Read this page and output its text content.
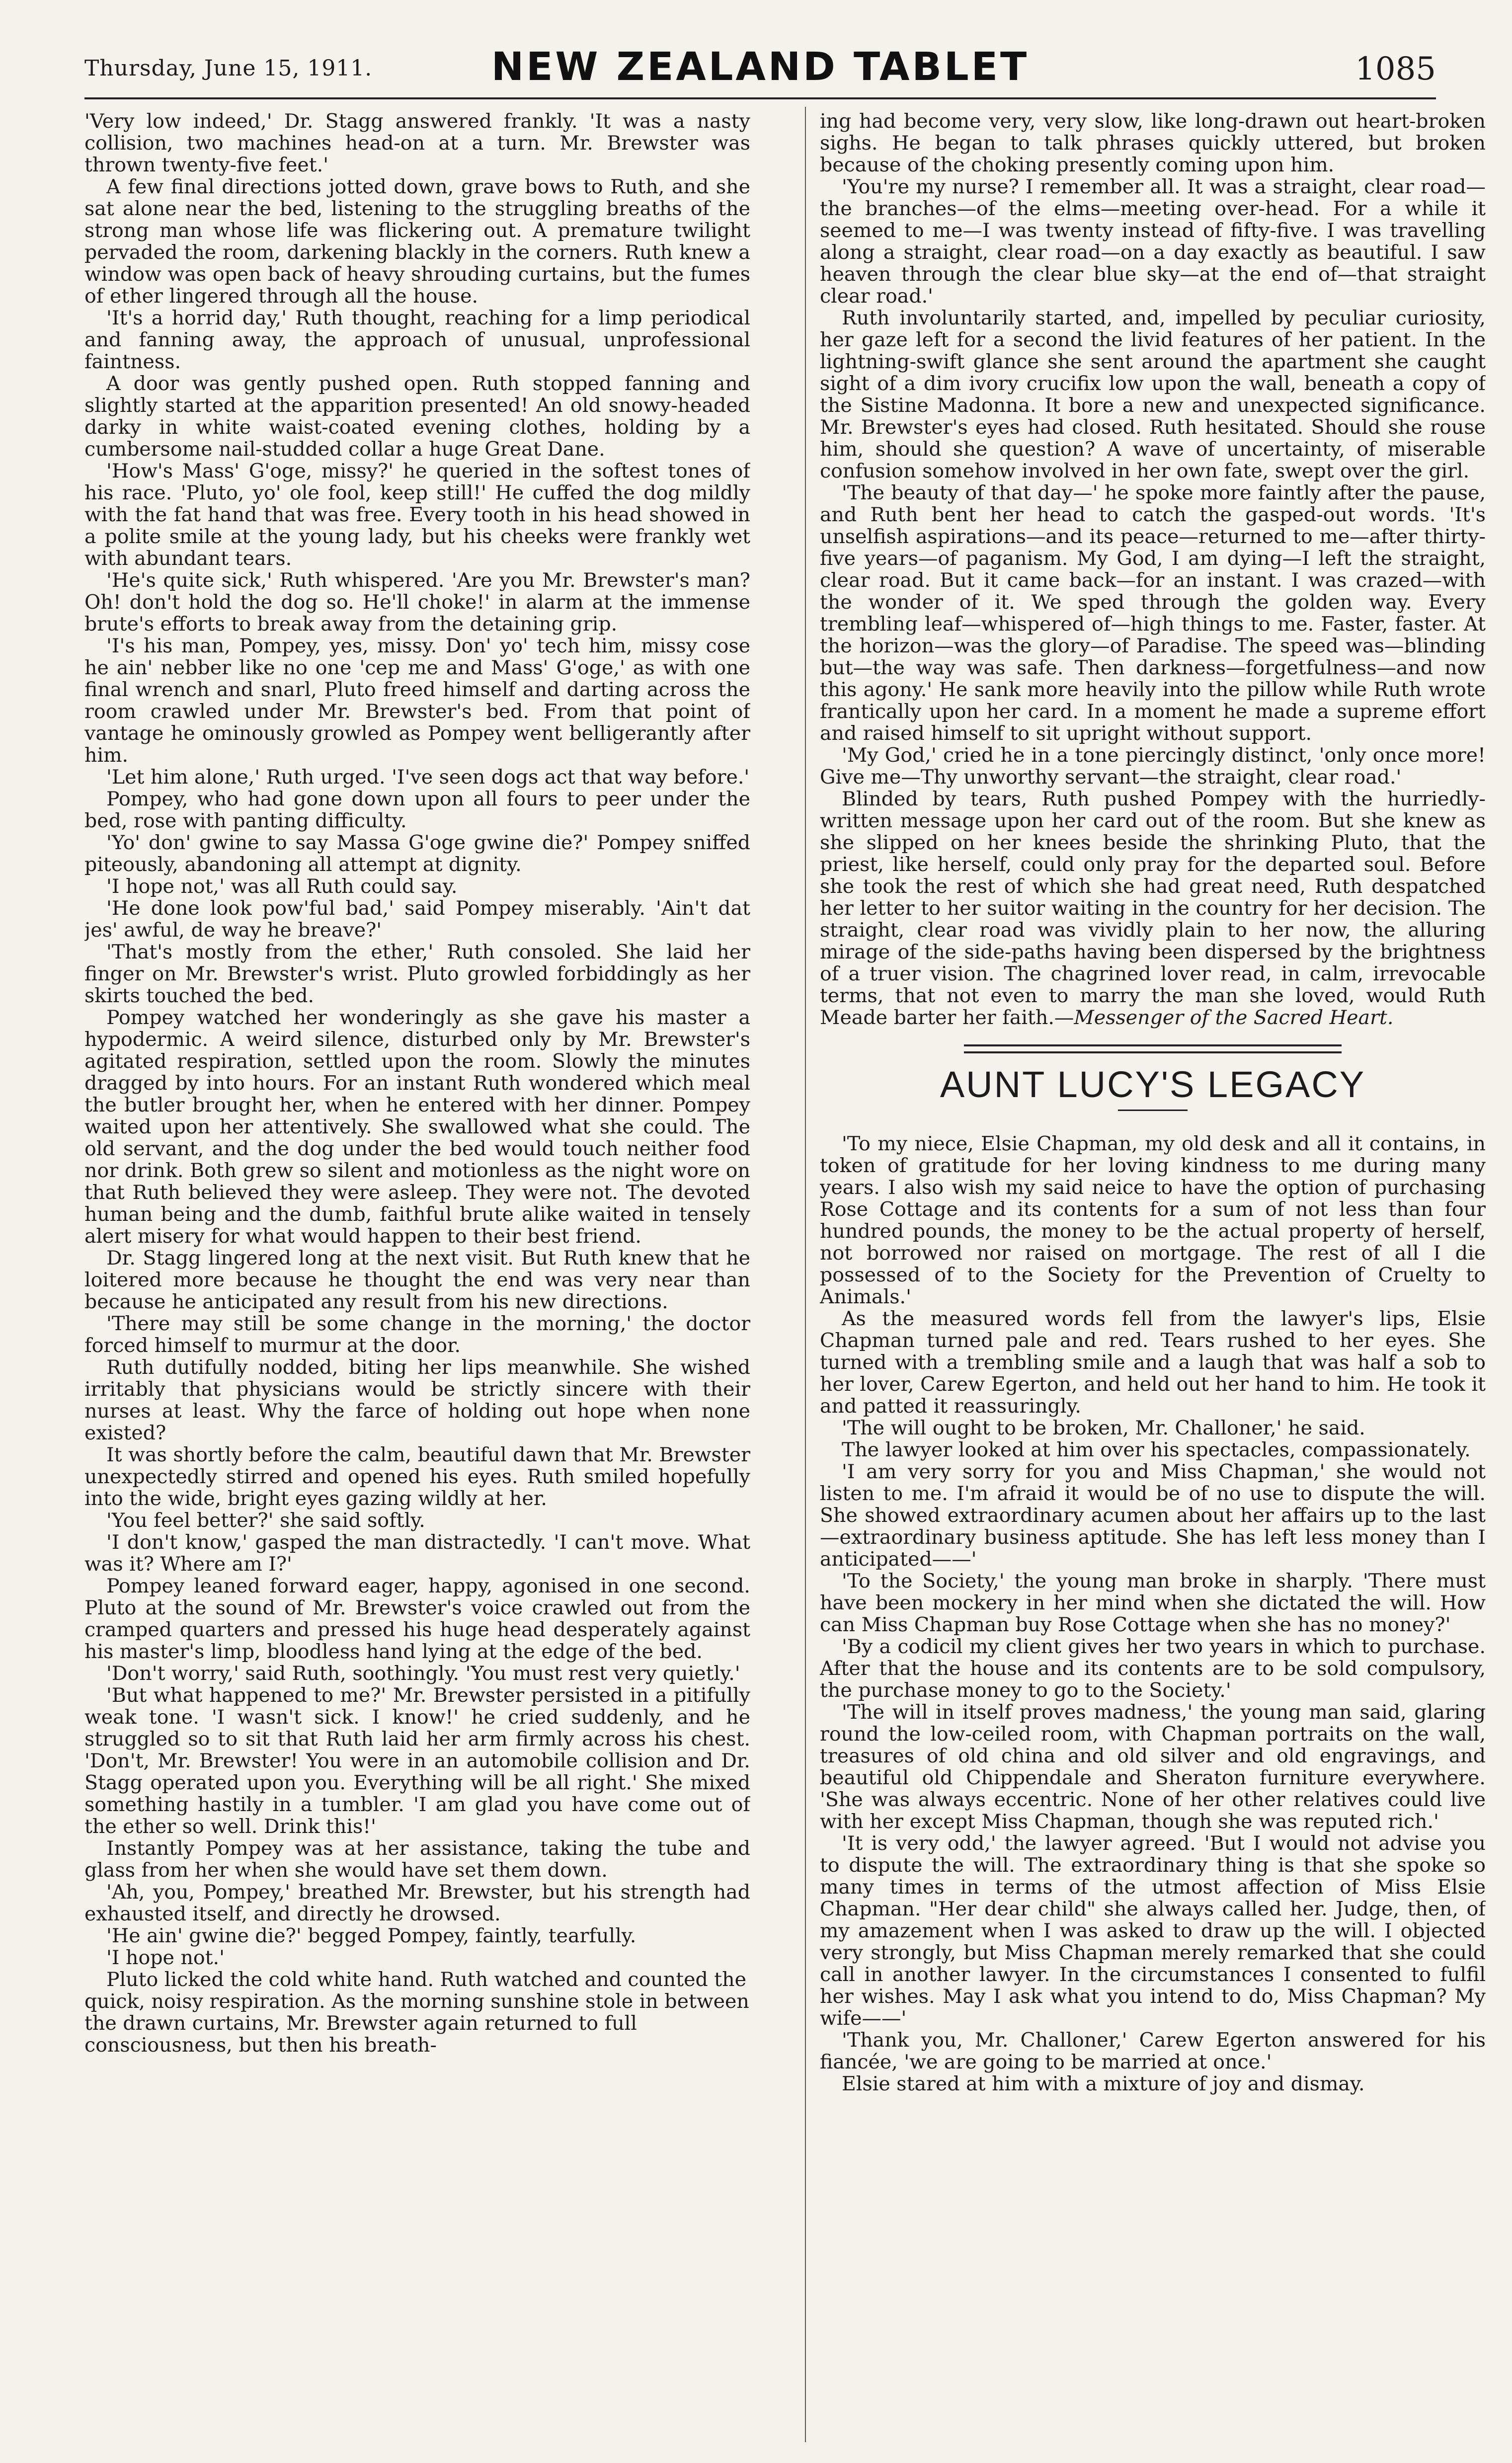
Thursday, June 15, 1911.	NEW ZEALAND TABLET	1085

'Very low indeed,' Dr. Stagg answered frankly. 'It was a nasty collision, two machines head-on at a turn. Mr. Brewster was thrown twenty-five feet.'

A few final directions jotted down, grave bows to Ruth, and she sat alone near the bed, listening to the struggling breaths of the strong man whose life was flickering out. A premature twilight pervaded the room, darkening blackly in the corners. Ruth knew a window was open back of heavy shrouding curtains, but the fumes of ether lingered through all the house.

'It's a horrid day,' Ruth thought, reaching for a limp periodical and fanning away, the approach of unusual, unprofessional faintness.

A door was gently pushed open. Ruth stopped fanning and slightly started at the apparition presented! An old snowy-headed darky in white waist-coated evening clothes, holding by a cumbersome nail-studded collar a huge Great Dane.

'How's Mass' G'oge, missy?' he queried in the softest tones of his race. 'Pluto, yo' ole fool, keep still!' He cuffed the dog mildly with the fat hand that was free. Every tooth in his head showed in a polite smile at the young lady, but his cheeks were frankly wet with abundant tears.

'He's quite sick,' Ruth whispered. 'Are you Mr. Brewster's man? Oh! don't hold the dog so. He'll choke!' in alarm at the immense brute's efforts to break away from the detaining grip.

'I's his man, Pompey, yes, missy. Don' yo' tech him, missy cose he ain' nebber like no one 'cep me and Mass' G'oge,' as with one final wrench and snarl, Pluto freed himself and darting across the room crawled under Mr. Brewster's bed. From that point of vantage he ominously growled as Pompey went belligerantly after him.

'Let him alone,' Ruth urged. 'I've seen dogs act that way before.'

Pompey, who had gone down upon all fours to peer under the bed, rose with panting difficulty.

'Yo' don' gwine to say Massa G'oge gwine die?' Pompey sniffed piteously, abandoning all attempt at dignity.

'I hope not,' was all Ruth could say.

'He done look pow'ful bad,' said Pompey miserably. 'Ain't dat jes' awful, de way he breave?'

'That's mostly from the ether,' Ruth consoled. She laid her finger on Mr. Brewster's wrist. Pluto growled forbiddingly as her skirts touched the bed.

Pompey watched her wonderingly as she gave his master a hypodermic. A weird silence, disturbed only by Mr. Brewster's agitated respiration, settled upon the room. Slowly the minutes dragged by into hours. For an instant Ruth wondered which meal the butler brought her, when he entered with her dinner. Pompey waited upon her attentively. She swallowed what she could. The old servant, and the dog under the bed would touch neither food nor drink. Both grew so silent and motionless as the night wore on that Ruth believed they were asleep. They were not. The devoted human being and the dumb, faithful brute alike waited in tensely alert misery for what would happen to their best friend.

Dr. Stagg lingered long at the next visit. But Ruth knew that he loitered more because he thought the end was very near than because he anticipated any result from his new directions.

'There may still be some change in the morning,' the doctor forced himself to murmur at the door.

Ruth dutifully nodded, biting her lips meanwhile. She wished irritably that physicians would be strictly sincere with their nurses at least. Why the farce of holding out hope when none existed?

It was shortly before the calm, beautiful dawn that Mr. Brewster unexpectedly stirred and opened his eyes. Ruth smiled hopefully into the wide, bright eyes gazing wildly at her.

'You feel better?' she said softly.

'I don't know,' gasped the man distractedly. 'I can't move. What was it? Where am I?'

Pompey leaned forward eager, happy, agonised in one second. Pluto at the sound of Mr. Brewster's voice crawled out from the cramped quarters and pressed his huge head desperately against his master's limp, bloodless hand lying at the edge of the bed.

'Don't worry,' said Ruth, soothingly. 'You must rest very quietly.'

'But what happened to me?' Mr. Brewster persisted in a pitifully weak tone. 'I wasn't sick. I know!' he cried suddenly, and he struggled so to sit that Ruth laid her arm firmly across his chest. 'Don't, Mr. Brewster! You were in an automobile collision and Dr. Stagg operated upon you. Everything will be all right.' She mixed something hastily in a tumbler. 'I am glad you have come out of the ether so well. Drink this!'

Instantly Pompey was at her assistance, taking the tube and glass from her when she would have set them down.

'Ah, you, Pompey,' breathed Mr. Brewster, but his strength had exhausted itself, and directly he drowsed.

'He ain' gwine die?' begged Pompey, faintly, tearfully.

'I hope not.'

Pluto licked the cold white hand. Ruth watched and counted the quick, noisy respiration. As the morning sunshine stole in between the drawn curtains, Mr. Brewster again returned to full consciousness, but then his breath-

ing had become very, very slow, like long-drawn out heart-broken sighs. He began to talk phrases quickly uttered, but broken because of the choking presently coming upon him.

'You're my nurse? I remember all. It was a straight, clear road—the branches—of the elms—meeting over-head. For a while it seemed to me—I was twenty instead of fifty-five. I was travelling along a straight, clear road—on a day exactly as beautiful. I saw heaven through the clear blue sky—at the end of—that straight clear road.'

Ruth involuntarily started, and, impelled by peculiar curiosity, her gaze left for a second the livid features of her patient. In the lightning-swift glance she sent around the apartment she caught sight of a dim ivory crucifix low upon the wall, beneath a copy of the Sistine Madonna. It bore a new and unexpected significance. Mr. Brewster's eyes had closed. Ruth hesitated. Should she rouse him, should she question? A wave of uncertainty, of miserable confusion somehow involved in her own fate, swept over the girl.

'The beauty of that day—' he spoke more faintly after the pause, and Ruth bent her head to catch the gasped-out words. 'It's unselfish aspirations—and its peace—returned to me—after thirty-five years—of paganism. My God, I am dying—I left the straight, clear road. But it came back—for an instant. I was crazed—with the wonder of it. We sped through the golden way. Every trembling leaf—whispered of—high things to me. Faster, faster. At the horizon—was the glory—of Paradise. The speed was—blinding but—the way was safe. Then darkness—forgetfulness—and now this agony.' He sank more heavily into the pillow while Ruth wrote frantically upon her card. In a moment he made a supreme effort and raised himself to sit upright without support.

'My God,' cried he in a tone piercingly distinct, 'only once more! Give me—Thy unworthy servant—the straight, clear road.'

Blinded by tears, Ruth pushed Pompey with the hurriedly-written message upon her card out of the room. But she knew as she slipped on her knees beside the shrinking Pluto, that the priest, like herself, could only pray for the departed soul. Before she took the rest of which she had great need, Ruth despatched her letter to her suitor waiting in the country for her decision. The straight, clear road was vividly plain to her now, the alluring mirage of the side-paths having been dispersed by the brightness of a truer vision. The chagrined lover read, in calm, irrevocable terms, that not even to marry the man she loved, would Ruth Meade barter her faith.—Messenger of the Sacred Heart.

AUNT LUCY'S LEGACY

'To my niece, Elsie Chapman, my old desk and all it contains, in token of gratitude for her loving kindness to me during many years. I also wish my said neice to have the option of purchasing Rose Cottage and its contents for a sum of not less than four hundred pounds, the money to be the actual property of herself, not borrowed nor raised on mortgage. The rest of all I die possessed of to the Society for the Prevention of Cruelty to Animals.'

As the measured words fell from the lawyer's lips, Elsie Chapman turned pale and red. Tears rushed to her eyes. She turned with a trembling smile and a laugh that was half a sob to her lover, Carew Egerton, and held out her hand to him. He took it and patted it reassuringly.

'The will ought to be broken, Mr. Challoner,' he said.

The lawyer looked at him over his spectacles, compassionately.

'I am very sorry for you and Miss Chapman,' she would not listen to me. I'm afraid it would be of no use to dispute the will. She showed extraordinary acumen about her affairs up to the last—extraordinary business aptitude. She has left less money than I anticipated——'

'To the Society,' the young man broke in sharply. 'There must have been mockery in her mind when she dictated the will. How can Miss Chapman buy Rose Cottage when she has no money?'

'By a codicil my client gives her two years in which to purchase. After that the house and its contents are to be sold compulsory, the purchase money to go to the Society.'

'The will in itself proves madness,' the young man said, glaring round the low-ceiled room, with Chapman portraits on the wall, treasures of old china and old silver and old engravings, and beautiful old Chippendale and Sheraton furniture everywhere. 'She was always eccentric. None of her other relatives could live with her except Miss Chapman, though she was reputed rich.'

'It is very odd,' the lawyer agreed. 'But I would not advise you to dispute the will. The extraordinary thing is that she spoke so many times in terms of the utmost affection of Miss Elsie Chapman. "Her dear child" she always called her. Judge, then, of my amazement when I was asked to draw up the will. I objected very strongly, but Miss Chapman merely remarked that she could call in another lawyer. In the circumstances I consented to fulfil her wishes. May I ask what you intend to do, Miss Chapman? My wife——'

'Thank you, Mr. Challoner,' Carew Egerton answered for his fiancée, 'we are going to be married at once.'

Elsie stared at him with a mixture of joy and dismay.
